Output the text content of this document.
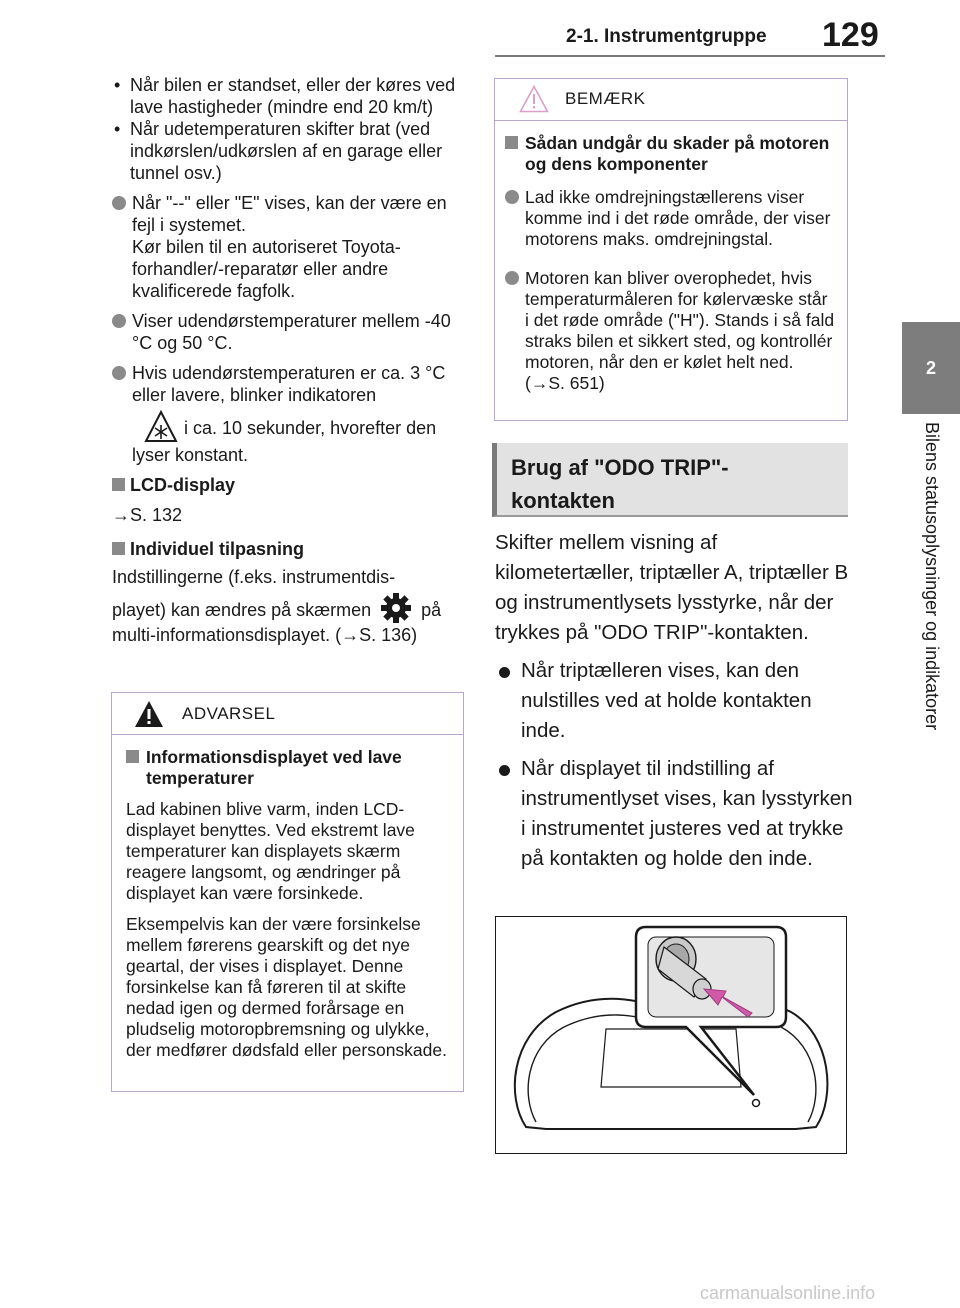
2-1. Instrumentgruppe 129
2
Bilens statusoplysninger og indikatorer
• Når bilen er standset, eller der køres ved lave hastigheder (mindre end 20 km/t)
• Når udetemperaturen skifter brat (ved indkørslen/udkørslen af en garage eller tunnel osv.)
Når "--" eller "E" vises, kan der være en fejl i systemet.
Kør bilen til en autoriseret Toyota-forhandler/-reparatør eller andre kvalificerede fagfolk.
Viser udendørstemperaturer mellem -40 °C og 50 °C.
Hvis udendørstemperaturen er ca. 3 °C eller lavere, blinker indikatoren
i ca. 10 sekunder, hvorefter den lyser konstant.
LCD-display
→S. 132
Individuel tilpasning
Indstillingerne (f.eks. instrumentdis-
playet) kan ændres på skærmen	på
multi-informationsdisplayet. (→S. 136)
ADVARSEL
Informationsdisplayet ved lave temperaturer

Lad kabinen blive varm, inden LCD-displayet benyttes. Ved ekstremt lave temperaturer kan displayets skærm reagere langsomt, og ændringer på displayet kan være forsinkede.

Eksempelvis kan der være forsinkelse mellem førerens gearskift og det nye geartal, der vises i displayet. Denne forsinkelse kan få føreren til at skifte nedad igen og dermed forårsage en pludselig motoropbremsning og ulykke, der medfører dødsfald eller personskade.

BEMÆRK
Sådan undgår du skader på motoren og dens komponenter
Lad ikke omdrejningstællerens viser komme ind i det røde område, der viser motorens maks. omdrejningstal.
Motoren kan bliver overophedet, hvis temperaturmåleren for kølervæske står i det røde område ("H"). Stands i så fald straks bilen et sikkert sted, og kontrollér motoren, når den er kølet helt ned. (→S. 651)
Brug af "ODO TRIP"-kontakten
Skifter mellem visning af kilometertæller, triptæller A, triptæller B og instrumentlysets lysstyrke, når der trykkes på "ODO TRIP"-kontakten.
Når triptælleren vises, kan den nulstilles ved at holde kontakten inde.
Når displayet til indstilling af instrumentlyset vises, kan lysstyrken i instrumentet justeres ved at trykke på kontakten og holde den inde.
carmanualsonline.info
